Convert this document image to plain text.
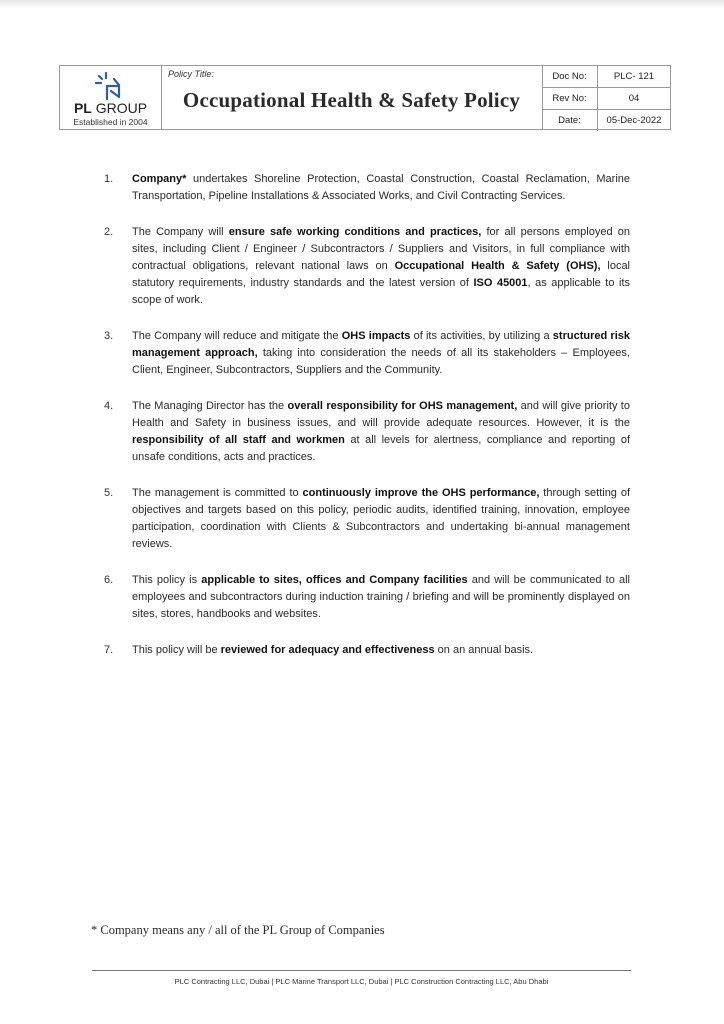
PL GROUP
Established in 2004
Policy Title:
Occupational Health & Safety Policy
Doc No:	PLC- 121
Rev No:	04
Date:	05-Dec-2022
1. Company* undertakes Shoreline Protection, Coastal Construction, Coastal Reclamation, Marine Transportation, Pipeline Installations & Associated Works, and Civil Contracting Services.
2. The Company will ensure safe working conditions and practices, for all persons employed on sites, including Client / Engineer / Subcontractors / Suppliers and Visitors, in full compliance with contractual obligations, relevant national laws on Occupational Health & Safety (OHS), local statutory requirements, industry standards and the latest version of ISO 45001, as applicable to its scope of work.
3. The Company will reduce and mitigate the OHS impacts of its activities, by utilizing a structured risk management approach, taking into consideration the needs of all its stakeholders – Employees, Client, Engineer, Subcontractors, Suppliers and the Community.
4. The Managing Director has the overall responsibility for OHS management, and will give priority to Health and Safety in business issues, and will provide adequate resources. However, it is the responsibility of all staff and workmen at all levels for alertness, compliance and reporting of unsafe conditions, acts and practices.
5. The management is committed to continuously improve the OHS performance, through setting of objectives and targets based on this policy, periodic audits, identified training, innovation, employee participation, coordination with Clients & Subcontractors and undertaking bi-annual management reviews.
6. This policy is applicable to sites, offices and Company facilities and will be communicated to all employees and subcontractors during induction training / briefing and will be prominently displayed on sites, stores, handbooks and websites.
7. This policy will be reviewed for adequacy and effectiveness on an annual basis.
* Company means any / all of the PL Group of Companies
PLC Contracting LLC, Dubai | PLC Marine Transport LLC, Dubai | PLC Construction Contracting LLC, Abu Dhabi
